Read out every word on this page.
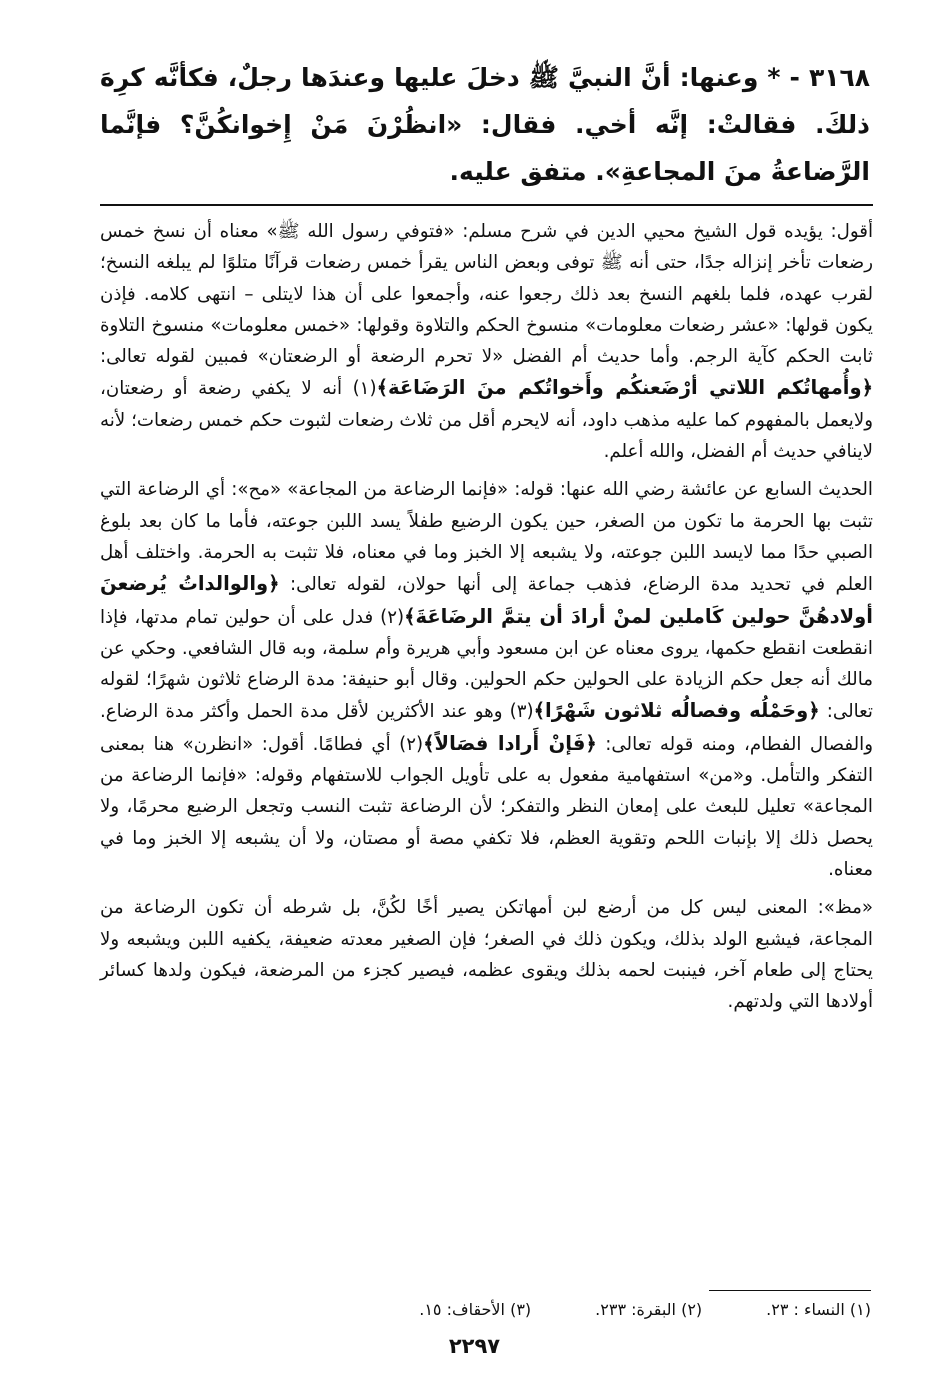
٣١٦٨ - * وعنها: أنَّ النبيَّ ﷺ دخلَ عليها وعندَها رجلٌ، فكأنَّه كرِهَ ذلكَ. فقالتْ: إنَّه أخي. فقال: «انظُرْنَ مَنْ إِخوانكُنَّ؟ فإنَّما الرَّضاعةُ منَ المجاعةِ». متفق عليه.

أقول: يؤيده قول الشيخ محيي الدين في شرح مسلم: «فتوفي رسول الله ﷺ» معناه أن نسخ خمس رضعات تأخر إنزاله جدًا، حتى أنه ﷺ توفى وبعض الناس يقرأ خمس رضعات قرآنًا متلوًا لم يبلغه النسخ؛ لقرب عهده، فلما بلغهم النسخ بعد ذلك رجعوا عنه، وأجمعوا على أن هذا لايتلى – انتهى كلامه. فإذن يكون قولها: «عشر رضعات معلومات» منسوخ الحكم والتلاوة وقولها: «خمس معلومات» منسوخ التلاوة ثابت الحكم كآية الرجم. وأما حديث أم الفضل «لا تحرم الرضعة أو الرضعتان» فمبين لقوله تعالى: ﴿وأُمهاتُكم اللاتي أرْضَعنكُم وأَخواتُكم منَ الرَضَاعَة﴾(١) أنه لا يكفي رضعة أو رضعتان، ولايعمل بالمفهوم كما عليه مذهب داود، أنه لايحرم أقل من ثلاث رضعات لثبوت حكم خمس رضعات؛ لأنه لاينافي حديث أم الفضل، والله أعلم.

الحديث السابع عن عائشة رضي الله عنها: قوله: «فإنما الرضاعة من المجاعة» «مح»: أي الرضاعة التي تثبت بها الحرمة ما تكون من الصغر، حين يكون الرضيع طفلاً يسد اللبن جوعته، فأما ما كان بعد بلوغ الصبي حدًا مما لايسد اللبن جوعته، ولا يشبعه إلا الخبز وما في معناه، فلا تثبت به الحرمة. واختلف أهل العلم في تحديد مدة الرضاع، فذهب جماعة إلى أنها حولان، لقوله تعالى: ﴿والوالداتُ يُرضعنَ أولادهُنَّ حولين كَاملين لمنْ أرادَ أن يتمَّ الرضَاعَةَ﴾(٢) فدل على أن حولين تمام مدتها، فإذا انقطعت انقطع حكمها، يروى معناه عن ابن مسعود وأبي هريرة وأم سلمة، وبه قال الشافعي. وحكي عن مالك أنه جعل حكم الزيادة على الحولين حكم الحولين. وقال أبو حنيفة: مدة الرضاع ثلاثون شهرًا؛ لقوله تعالى: ﴿وحَمْلُه وفصالُه ثلاثون شَهْرًا﴾(٣) وهو عند الأكثرين لأقل مدة الحمل وأكثر مدة الرضاع. والفصال الفطام، ومنه قوله تعالى: ﴿فَإنْ أَرادا فصَالاً﴾(٢) أي فطامًا. أقول: «انظرن» هنا بمعنى التفكر والتأمل. و«من» استفهامية مفعول به على تأويل الجواب للاستفهام وقوله: «فإنما الرضاعة من المجاعة» تعليل للبعث على إمعان النظر والتفكر؛ لأن الرضاعة تثبت النسب وتجعل الرضيع محرمًا، ولا يحصل ذلك إلا بإنبات اللحم وتقوية العظم، فلا تكفي مصة أو مصتان، ولا أن يشبعه إلا الخبز وما في معناه.

«مظ»: المعنى ليس كل من أرضع لبن أمهاتكن يصير أخًا لكُنَّ، بل شرطه أن تكون الرضاعة من المجاعة، فيشبع الولد بذلك، ويكون ذلك في الصغر؛ فإن الصغير معدته ضعيفة، يكفيه اللبن ويشبعه ولا يحتاج إلى طعام آخر، فينبت لحمه بذلك ويقوى عظمه، فيصير كجزء من المرضعة، فيكون ولدها كسائر أولادها التي ولدتهم.

(١) النساء : ٢٣.
(٢) البقرة: ٢٣٣.
(٣) الأحقاف: ١٥.
٢٢٩٧
